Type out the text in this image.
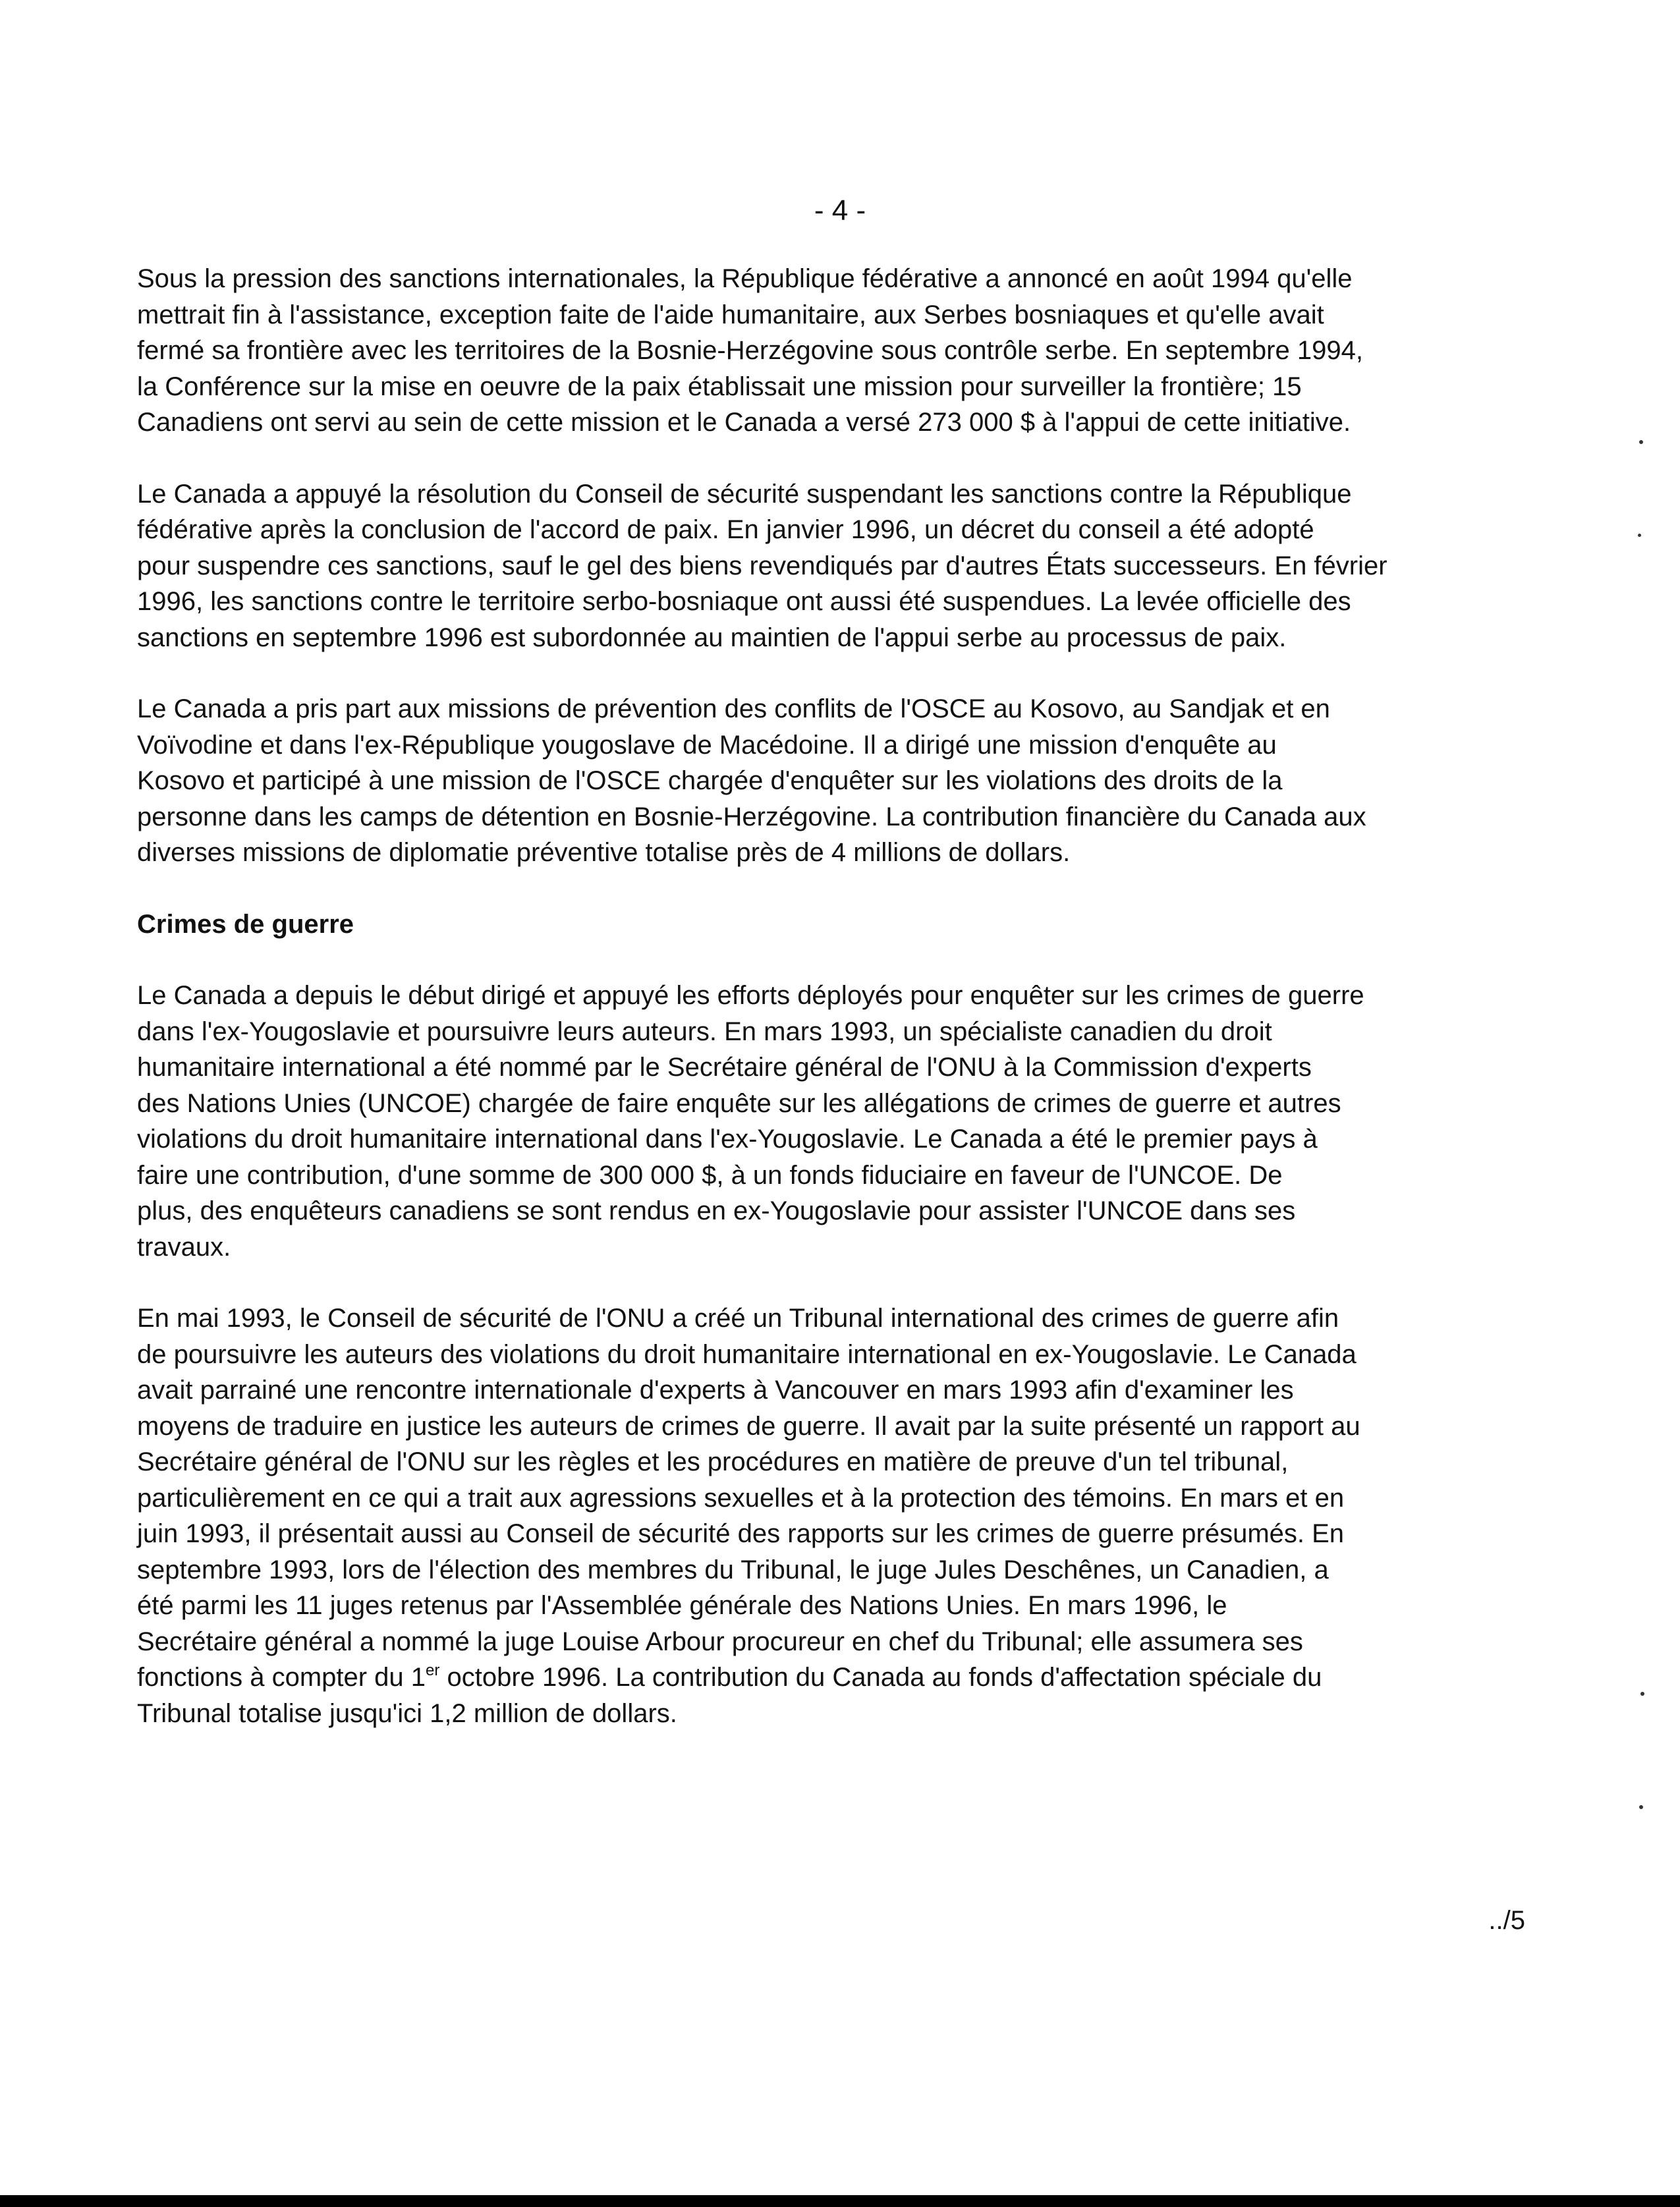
- 4 -

Sous la pression des sanctions internationales, la République fédérative a annoncé en août 1994 qu'elle
mettrait fin à l'assistance, exception faite de l'aide humanitaire, aux Serbes bosniaques et qu'elle avait
fermé sa frontière avec les territoires de la Bosnie-Herzégovine sous contrôle serbe. En septembre 1994,
la Conférence sur la mise en oeuvre de la paix établissait une mission pour surveiller la frontière; 15
Canadiens ont servi au sein de cette mission et le Canada a versé 273 000 $ à l'appui de cette initiative.

Le Canada a appuyé la résolution du Conseil de sécurité suspendant les sanctions contre la République
fédérative après la conclusion de l'accord de paix. En janvier 1996, un décret du conseil a été adopté
pour suspendre ces sanctions, sauf le gel des biens revendiqués par d'autres États successeurs. En février
1996, les sanctions contre le territoire serbo-bosniaque ont aussi été suspendues. La levée officielle des
sanctions en septembre 1996 est subordonnée au maintien de l'appui serbe au processus de paix.

Le Canada a pris part aux missions de prévention des conflits de l'OSCE au Kosovo, au Sandjak et en
Voïvodine et dans l'ex-République yougoslave de Macédoine. Il a dirigé une mission d'enquête au
Kosovo et participé à une mission de l'OSCE chargée d'enquêter sur les violations des droits de la
personne dans les camps de détention en Bosnie-Herzégovine. La contribution financière du Canada aux
diverses missions de diplomatie préventive totalise près de 4 millions de dollars.

Crimes de guerre

Le Canada a depuis le début dirigé et appuyé les efforts déployés pour enquêter sur les crimes de guerre
dans l'ex-Yougoslavie et poursuivre leurs auteurs. En mars 1993, un spécialiste canadien du droit
humanitaire international a été nommé par le Secrétaire général de l'ONU à la Commission d'experts
des Nations Unies (UNCOE) chargée de faire enquête sur les allégations de crimes de guerre et autres
violations du droit humanitaire international dans l'ex-Yougoslavie. Le Canada a été le premier pays à
faire une contribution, d'une somme de 300 000 $, à un fonds fiduciaire en faveur de l'UNCOE. De
plus, des enquêteurs canadiens se sont rendus en ex-Yougoslavie pour assister l'UNCOE dans ses
travaux.

En mai 1993, le Conseil de sécurité de l'ONU a créé un Tribunal international des crimes de guerre afin
de poursuivre les auteurs des violations du droit humanitaire international en ex-Yougoslavie. Le Canada
avait parrainé une rencontre internationale d'experts à Vancouver en mars 1993 afin d'examiner les
moyens de traduire en justice les auteurs de crimes de guerre. Il avait par la suite présenté un rapport au
Secrétaire général de l'ONU sur les règles et les procédures en matière de preuve d'un tel tribunal,
particulièrement en ce qui a trait aux agressions sexuelles et à la protection des témoins. En mars et en
juin 1993, il présentait aussi au Conseil de sécurité des rapports sur les crimes de guerre présumés. En
septembre 1993, lors de l'élection des membres du Tribunal, le juge Jules Deschênes, un Canadien, a
été parmi les 11 juges retenus par l'Assemblée générale des Nations Unies. En mars 1996, le
Secrétaire général a nommé la juge Louise Arbour procureur en chef du Tribunal; elle assumera ses
fonctions à compter du 1er octobre 1996. La contribution du Canada au fonds d'affectation spéciale du
Tribunal totalise jusqu'ici 1,2 million de dollars.

../5
